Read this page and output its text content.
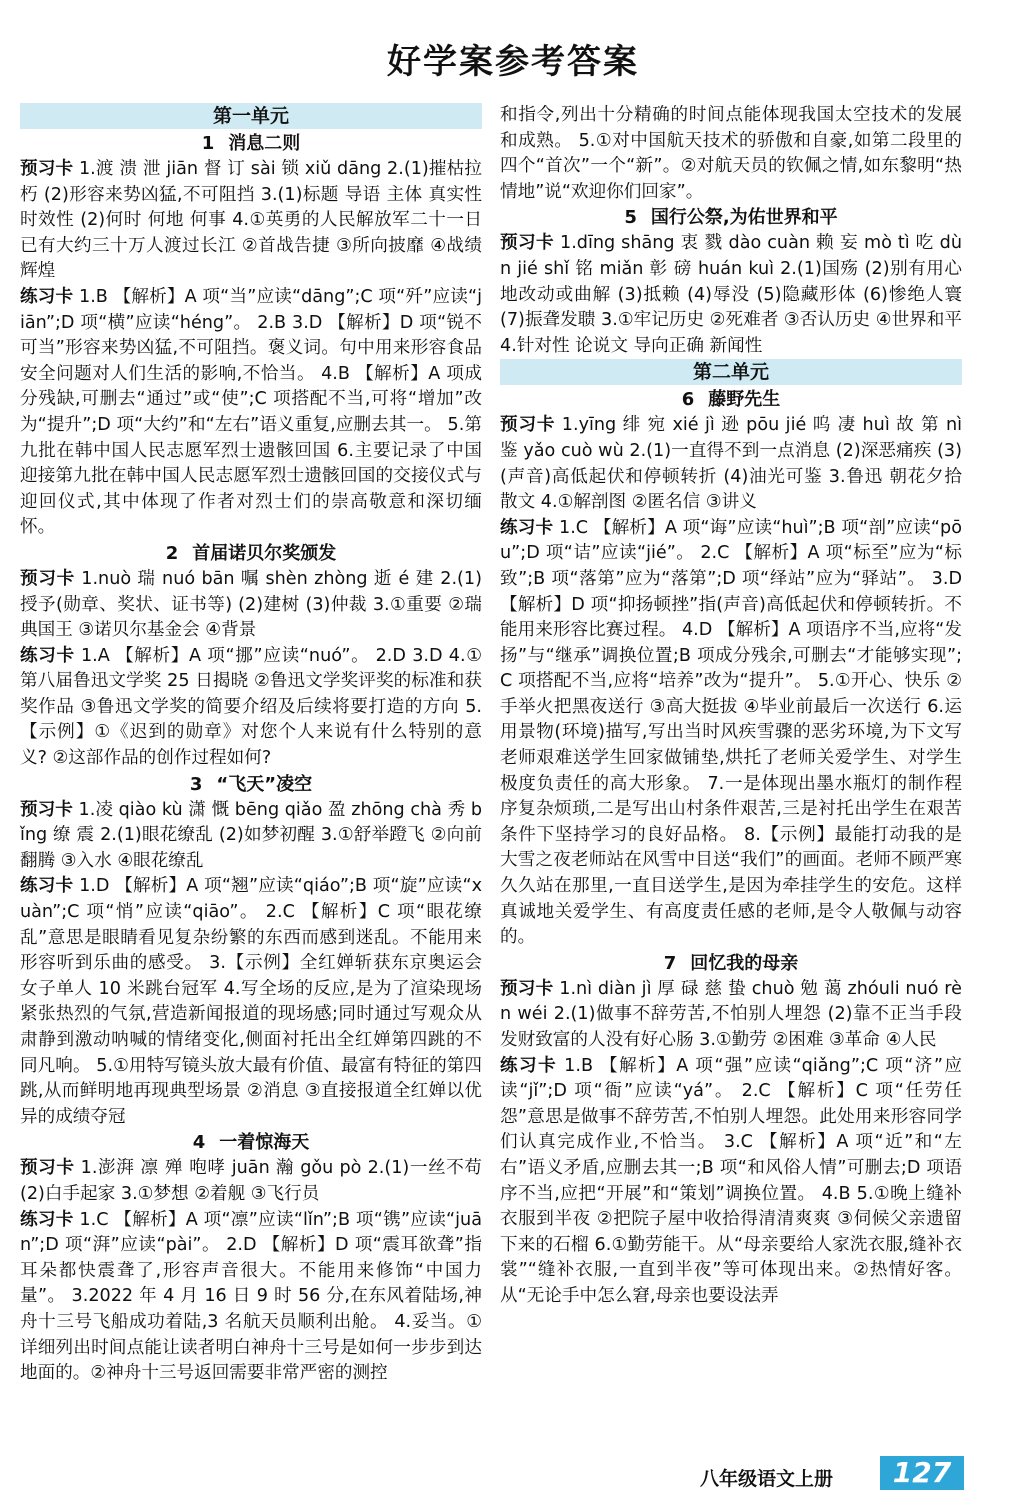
好学案参考答案
第一单元
1 消息二则

预习卡 1.渡 溃 泄 jiān 督 订 sài 锁 xiǔ dāng 2.(1)摧枯拉朽 (2)形容来势凶猛,不可阻挡 3.(1)标题 导语 主体 真实性 时效性 (2)何时 何地 何事 4.①英勇的人民解放军二十一日已有大约三十万人渡过长江 ②首战告捷 ③所向披靡 ④战绩辉煌

练习卡 1.B 【解析】A 项“当”应读“dāng”;C 项“歼”应读“jiān”;D 项“横”应读“héng”。 2.B 3.D 【解析】D 项“锐不可当”形容来势凶猛,不可阻挡。褒义词。句中用来形容食品安全问题对人们生活的影响,不恰当。 4.B 【解析】A 项成分残缺,可删去“通过”或“使”;C 项搭配不当,可将“增加”改为“提升”;D 项“大约”和“左右”语义重复,应删去其一。 5.第九批在韩中国人民志愿军烈士遗骸回国 6.主要记录了中国迎接第九批在韩中国人民志愿军烈士遗骸回国的交接仪式与迎回仪式,其中体现了作者对烈士们的崇高敬意和深切缅怀。

2 首届诺贝尔奖颁发

预习卡 1.nuò 瑞 nuó bān 嘱 shèn zhòng 逝 é 建 2.(1)授予(勋章、奖状、证书等) (2)建树 (3)仲裁 3.①重要 ②瑞典国王 ③诺贝尔基金会 ④背景

练习卡 1.A 【解析】A 项“挪”应读“nuó”。 2.D 3.D 4.①第八届鲁迅文学奖 25 日揭晓 ②鲁迅文学奖评奖的标准和获奖作品 ③鲁迅文学奖的简要介绍及后续将要打造的方向 5.【示例】①《迟到的勋章》对您个人来说有什么特别的意义? ②这部作品的创作过程如何?

3 “飞天”凌空

预习卡 1.凌 qiào kù 潇 慨 bēng qiǎo 盈 zhōng chà 秀 bǐng 缭 震 2.(1)眼花缭乱 (2)如梦初醒 3.①舒举蹬飞 ②向前翻腾 ③入水 ④眼花缭乱

练习卡 1.D 【解析】A 项“翘”应读“qiáo”;B 项“旋”应读“xuàn”;C 项“悄”应读“qiāo”。 2.C 【解析】C 项“眼花缭乱”意思是眼睛看见复杂纷繁的东西而感到迷乱。不能用来形容听到乐曲的感受。 3.【示例】全红婵斩获东京奥运会女子单人 10 米跳台冠军 4.写全场的反应,是为了渲染现场紧张热烈的气氛,营造新闻报道的现场感;同时通过写观众从肃静到激动呐喊的情绪变化,侧面衬托出全红婵第四跳的不同凡响。 5.①用特写镜头放大最有价值、最富有特征的第四跳,从而鲜明地再现典型场景 ②消息 ③直接报道全红婵以优异的成绩夺冠

4 一着惊海天

预习卡 1.澎湃 凛 殚 咆哮 juān 瀚 gǒu pò 2.(1)一丝不苟 (2)白手起家 3.①梦想 ②着舰 ③飞行员

练习卡 1.C 【解析】A 项“凛”应读“lǐn”;B 项“镌”应读“juān”;D 项“湃”应读“pài”。 2.D 【解析】D 项“震耳欲聋”指耳朵都快震聋了,形容声音很大。不能用来修饰“中国力量”。 3.2022 年 4 月 16 日 9 时 56 分,在东风着陆场,神舟十三号飞船成功着陆,3 名航天员顺利出舱。 4.妥当。①详细列出时间点能让读者明白神舟十三号是如何一步步到达地面的。②神舟十三号返回需要非常严密的测控

和指令,列出十分精确的时间点能体现我国太空技术的发展和成熟。 5.①对中国航天技术的骄傲和自豪,如第二段里的四个“首次”一个“新”。②对航天员的钦佩之情,如东黎明“热情地”说“欢迎你们回家”。

5 国行公祭,为佑世界和平

预习卡 1.dīng shāng 衷 戮 dào cuàn 赖 妄 mò tì 吃 dùn jié shǐ 铭 miǎn 彰 磅 huán kuì 2.(1)国殇 (2)别有用心地改动或曲解 (3)抵赖 (4)辱没 (5)隐藏形体 (6)惨绝人寰 (7)振聋发聩 3.①牢记历史 ②死难者 ③否认历史 ④世界和平 4.针对性 论说文 导向正确 新闻性

第二单元
6 藤野先生

预习卡 1.yīng 绯 宛 xié jì 逊 pōu jié 呜 凄 huì 故 第 nì 鉴 yǎo cuò wù 2.(1)一直得不到一点消息 (2)深恶痛疾 (3)(声音)高低起伏和停顿转折 (4)油光可鉴 3.鲁迅 朝花夕拾 散文 4.①解剖图 ②匿名信 ③讲义

练习卡 1.C 【解析】A 项“诲”应读“huì”;B 项“剖”应读“pōu”;D 项“诘”应读“jié”。 2.C 【解析】A 项“标至”应为“标致”;B 项“落第”应为“落第”;D 项“绎站”应为“驿站”。 3.D 【解析】D 项“抑扬顿挫”指(声音)高低起伏和停顿转折。不能用来形容比赛过程。 4.D 【解析】A 项语序不当,应将“发扬”与“继承”调换位置;B 项成分残余,可删去“才能够实现”;C 项搭配不当,应将“培养”改为“提升”。 5.①开心、快乐 ②手举火把黑夜送行 ③高大挺拔 ④毕业前最后一次送行 6.运用景物(环境)描写,写出当时风疾雪骤的恶劣环境,为下文写老师艰难送学生回家做铺垫,烘托了老师关爱学生、对学生极度负责任的高大形象。 7.一是体现出墨水瓶灯的制作程序复杂烦琐,二是写出山村条件艰苦,三是衬托出学生在艰苦条件下坚持学习的良好品格。 8.【示例】最能打动我的是大雪之夜老师站在风雪中目送“我们”的画面。老师不顾严寒久久站在那里,一直目送学生,是因为牵挂学生的安危。这样真诚地关爱学生、有高度责任感的老师,是令人敬佩与动容的。

7 回忆我的母亲

预习卡 1.nì diàn jì 厚 碌 慈 蛰 chuò 勉 蔼 zhóuli nuó rèn wéi 2.(1)做事不辞劳苦,不怕别人埋怨 (2)靠不正当手段发财致富的人没有好心肠 3.①勤劳 ②困难 ③革命 ④人民

练习卡 1.B 【解析】A 项“强”应读“qiǎng”;C 项“济”应读“jǐ”;D 项“衙”应读“yá”。 2.C 【解析】C 项“任劳任怨”意思是做事不辞劳苦,不怕别人埋怨。此处用来形容同学们认真完成作业,不恰当。 3.C 【解析】A 项“近”和“左右”语义矛盾,应删去其一;B 项“和风俗人情”可删去;D 项语序不当,应把“开展”和“策划”调换位置。 4.B 5.①晚上缝补衣服到半夜 ②把院子屋中收拾得清清爽爽 ③伺候父亲遗留下来的石榴 6.①勤劳能干。从“母亲要给人家洗衣服,缝补衣裳”“缝补衣服,一直到半夜”等可体现出来。②热情好客。从“无论手中怎么窘,母亲也要设法弄

八年级语文上册	127
